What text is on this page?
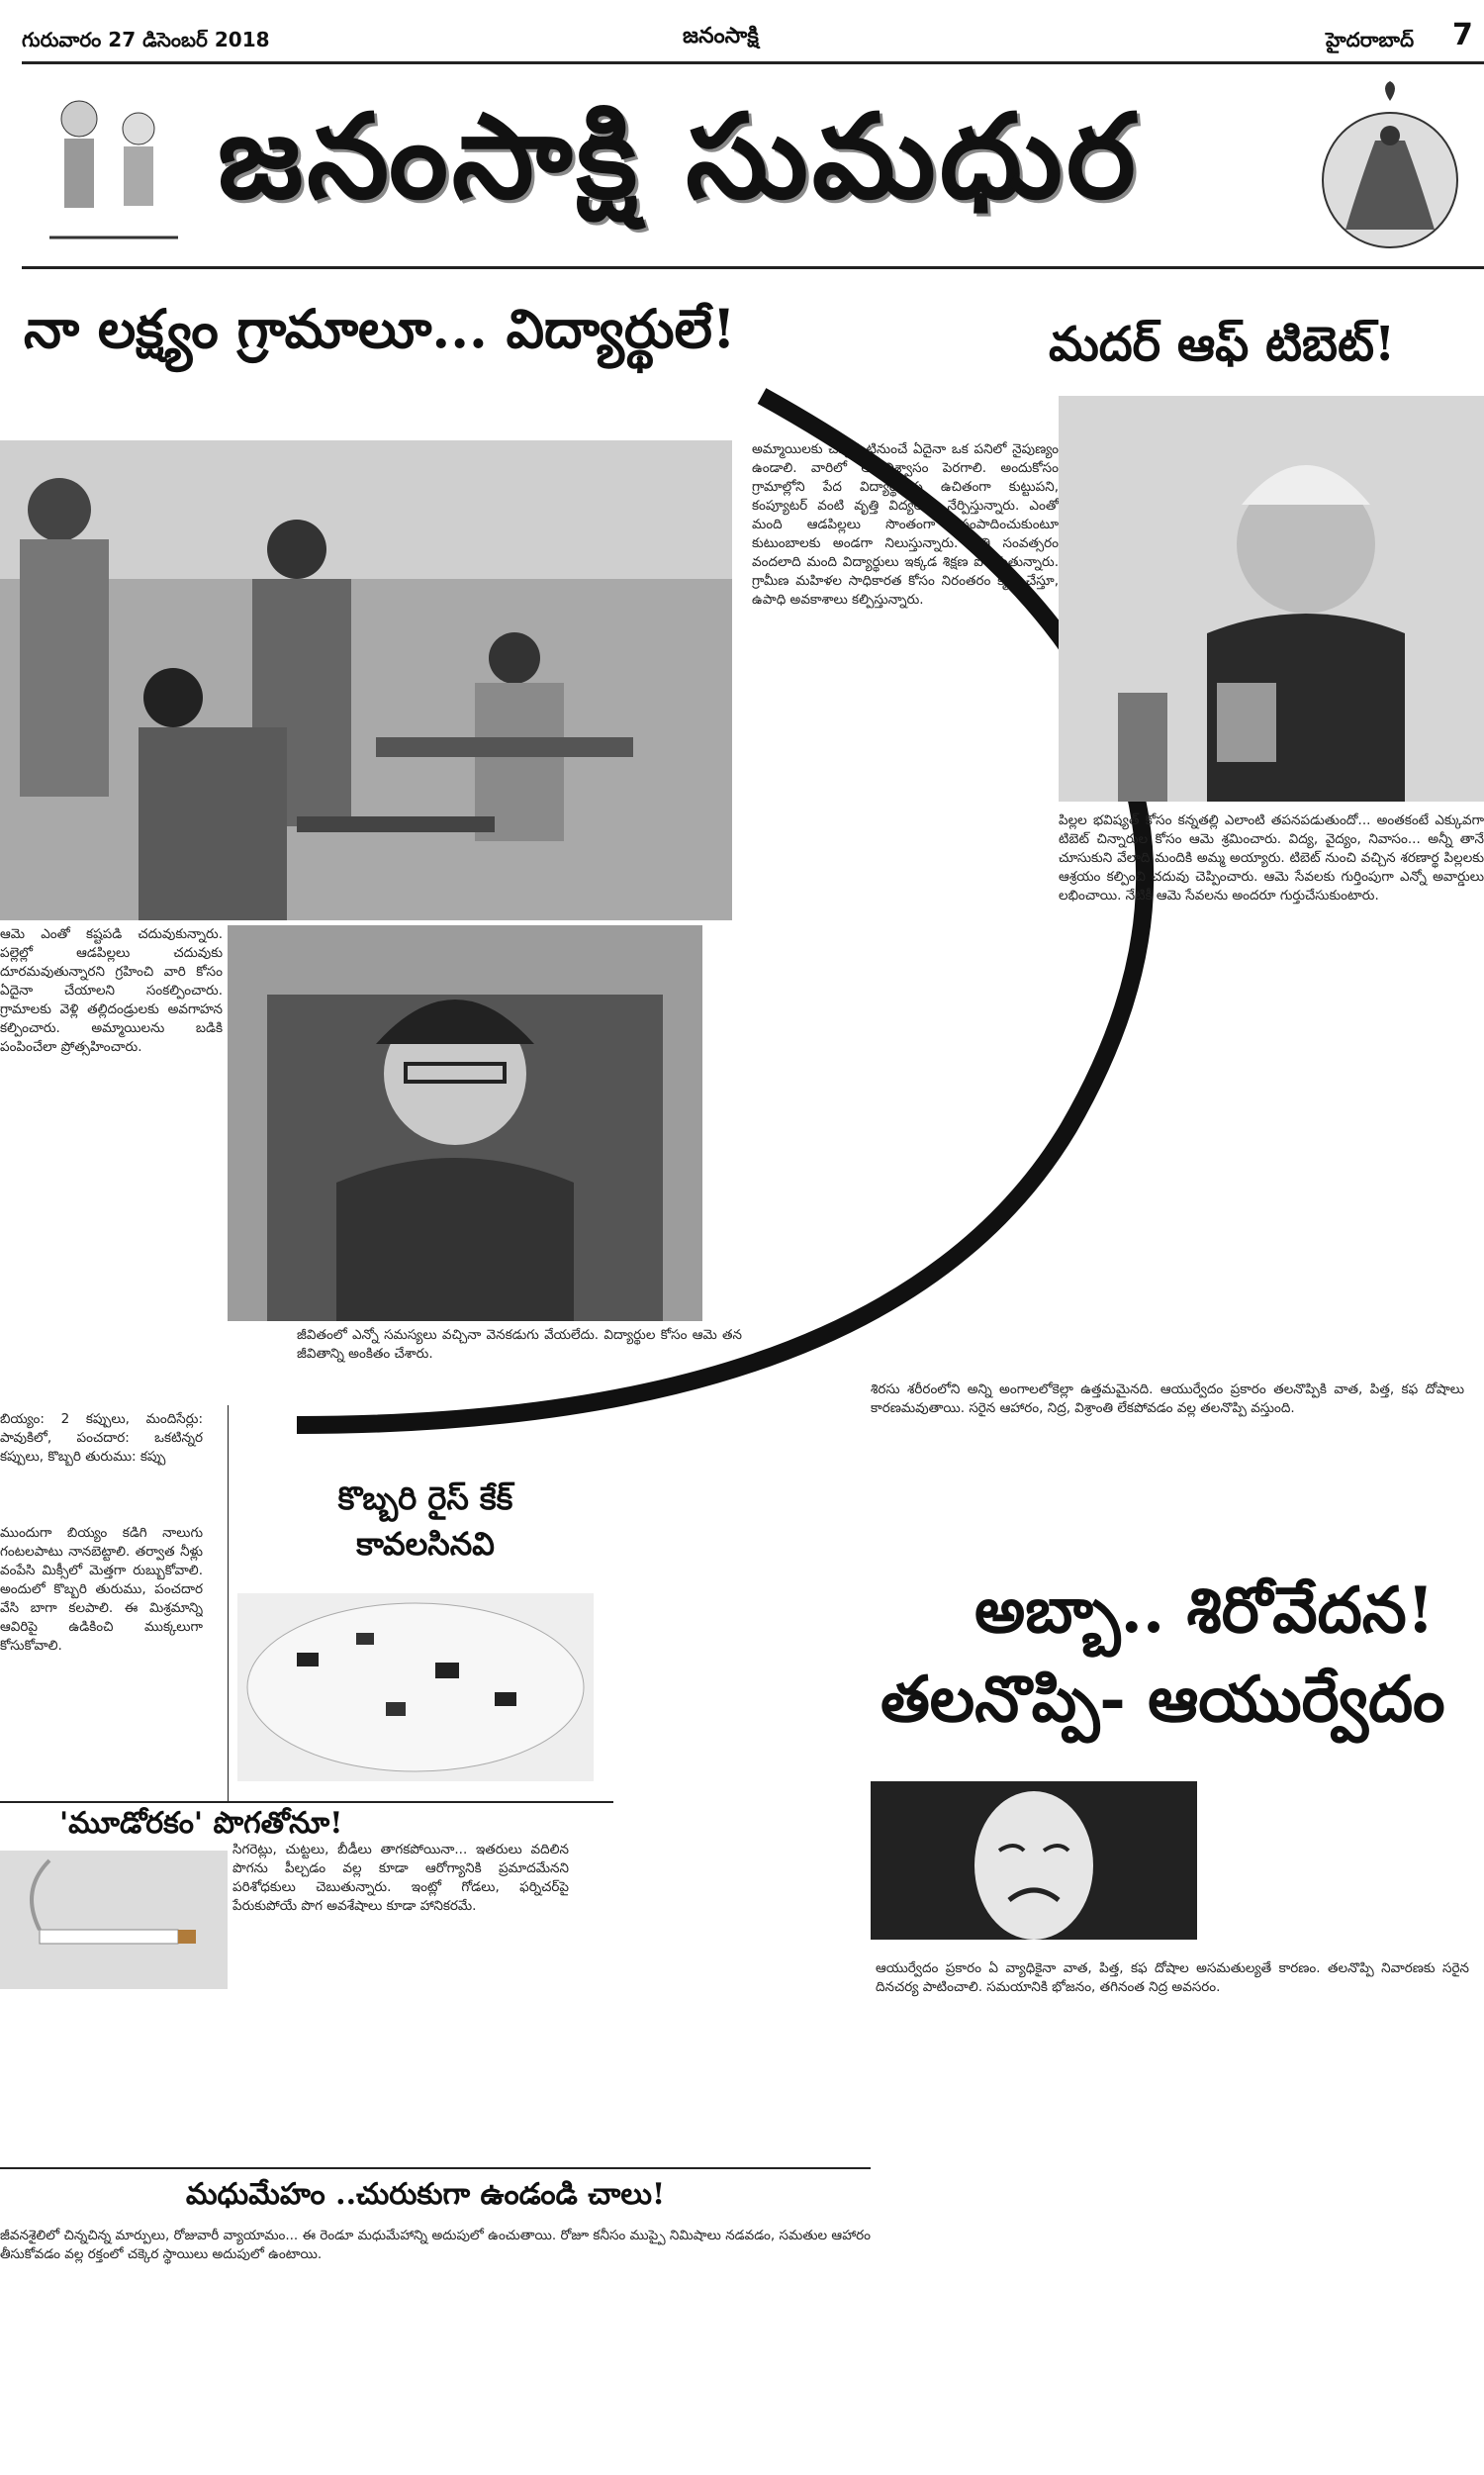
గురువారం 27 డిసెంబర్ 2018	జనంసాక్షి	హైదరాబాద్ 7
జనంసాక్షి సుమధుర
నా లక్ష్యం గ్రామాలూ... విద్యార్థులే!	మదర్ ఆఫ్ టిబెట్!
అమ్మాయిలకు చిన్నప్పటినుంచే ఏదైనా ఒక పనిలో నైపుణ్యం ఉండాలి. వారిలో ఆత్మవిశ్వాసం పెరగాలి. అందుకోసం గ్రామాల్లోని పేద విద్యార్థులకు ఉచితంగా కుట్టుపని, కంప్యూటర్ వంటి వృత్తి విద్యలను నేర్పిస్తున్నారు. ఎంతో మంది ఆడపిల్లలు సొంతంగా సంపాదించుకుంటూ కుటుంబాలకు అండగా నిలుస్తున్నారు. ప్రతి సంవత్సరం వందలాది మంది విద్యార్థులు ఇక్కడ శిక్షణ పొందుతున్నారు. గ్రామీణ మహిళల సాధికారత కోసం నిరంతరం కృషి చేస్తూ, ఉపాధి అవకాశాలు కల్పిస్తున్నారు.
ఆమె ఎంతో కష్టపడి చదువుకున్నారు. పల్లెల్లో ఆడపిల్లలు చదువుకు దూరమవుతున్నారని గ్రహించి వారి కోసం ఏదైనా చేయాలని సంకల్పించారు. గ్రామాలకు వెళ్లి తల్లిదండ్రులకు అవగాహన కల్పించారు. అమ్మాయిలను బడికి పంపించేలా ప్రోత్సహించారు.
జీవితంలో ఎన్నో సమస్యలు వచ్చినా వెనకడుగు వేయలేదు. విద్యార్థుల కోసం ఆమె తన జీవితాన్ని అంకితం చేశారు.
పిల్లల భవిష్యత్ కోసం కన్నతల్లి ఎలాంటి తపనపడుతుందో... అంతకంటే ఎక్కువగా టిబెట్ చిన్నారుల కోసం ఆమె శ్రమించారు. విద్య, వైద్యం, నివాసం... అన్నీ తానే చూసుకుని వేలాది మందికి అమ్మ అయ్యారు. టిబెట్ నుంచి వచ్చిన శరణార్థ పిల్లలకు ఆశ్రయం కల్పించి చదువు చెప్పించారు. ఆమె సేవలకు గుర్తింపుగా ఎన్నో అవార్డులు లభించాయి. నేటికీ ఆమె సేవలను అందరూ గుర్తుచేసుకుంటారు.
బియ్యం: 2 కప్పులు, మందిసేర్లు: పావుకిలో, పంచదార: ఒకటిన్నర కప్పులు, కొబ్బరి తురుము: కప్పు
ముందుగా బియ్యం కడిగి నాలుగు గంటలపాటు నానబెట్టాలి. తర్వాత నీళ్లు వంపేసి మిక్సీలో మెత్తగా రుబ్బుకోవాలి. అందులో కొబ్బరి తురుము, పంచదార వేసి బాగా కలపాలి. ఈ మిశ్రమాన్ని ఆవిరిపై ఉడికించి ముక్కలుగా కోసుకోవాలి.
కొబ్బరి రైస్ కేక్ కావలసినవి
'మూడోరకం' పొగతోనూ!
సిగరెట్లు, చుట్టలు, బీడీలు తాగకపోయినా... ఇతరులు వదిలిన పొగను పీల్చడం వల్ల కూడా ఆరోగ్యానికి ప్రమాదమేనని పరిశోధకులు చెబుతున్నారు. ఇంట్లో గోడలు, ఫర్నిచర్‌పై పేరుకుపోయే పొగ అవశేషాలు కూడా హానికరమే.
మధుమేహం ..చురుకుగా ఉండండి చాలు!
జీవనశైలిలో చిన్నచిన్న మార్పులు, రోజువారీ వ్యాయామం... ఈ రెండూ మధుమేహాన్ని అదుపులో ఉంచుతాయి. రోజూ కనీసం ముప్పై నిమిషాలు నడవడం, సమతుల ఆహారం తీసుకోవడం వల్ల రక్తంలో చక్కెర స్థాయిలు అదుపులో ఉంటాయి.
శిరసు శరీరంలోని అన్ని అంగాలలోకెల్లా ఉత్తమమైనది. ఆయుర్వేదం ప్రకారం తలనొప్పికి వాత, పిత్త, కఫ దోషాలు కారణమవుతాయి. సరైన ఆహారం, నిద్ర, విశ్రాంతి లేకపోవడం వల్ల తలనొప్పి వస్తుంది.
అబ్బా.. శిరోవేదన!
తలనొప్పి- ఆయుర్వేదం
ఆయుర్వేదం ప్రకారం ఏ వ్యాధికైనా వాత, పిత్త, కఫ దోషాల అసమతుల్యతే కారణం. తలనొప్పి నివారణకు సరైన దినచర్య పాటించాలి. సమయానికి భోజనం, తగినంత నిద్ర అవసరం.
